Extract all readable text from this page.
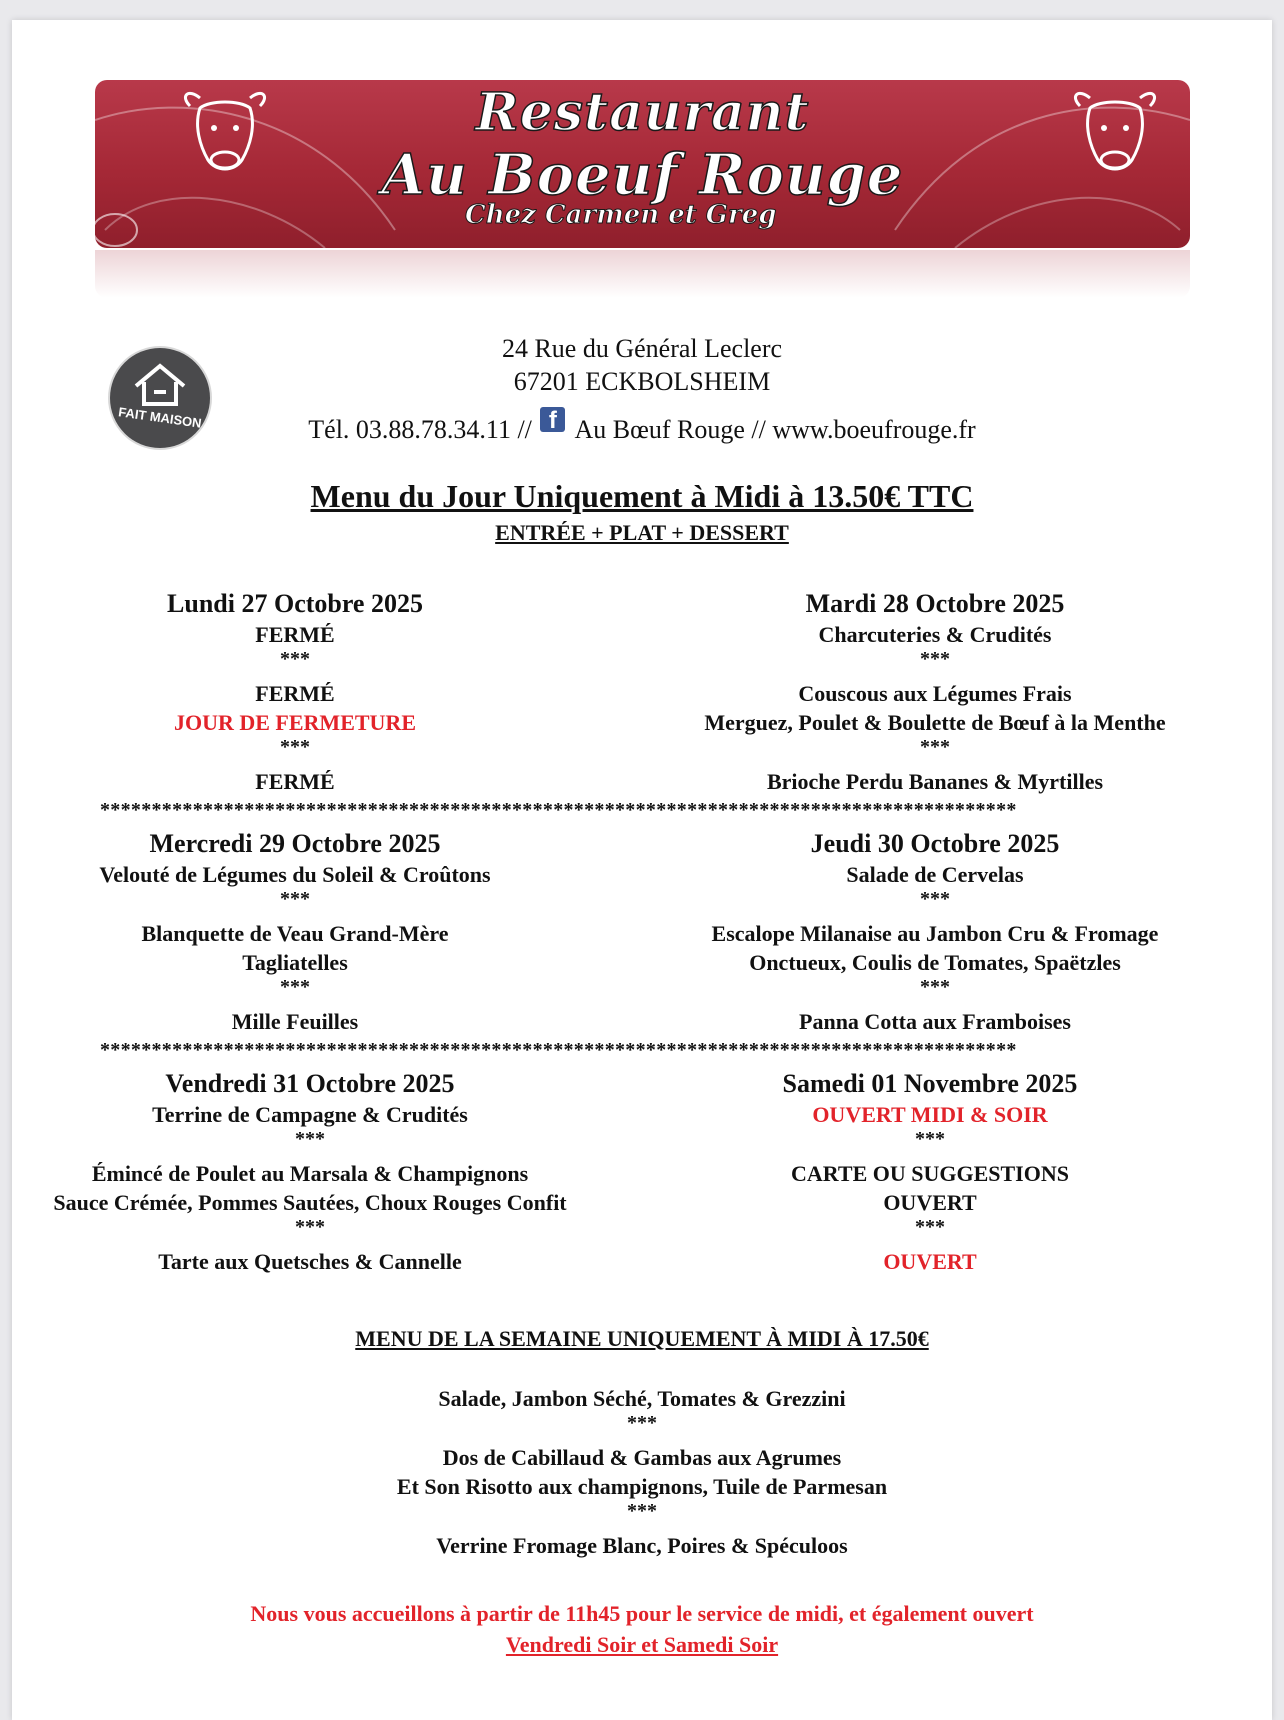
Restaurant
Au Boeuf Rouge
Chez Carmen et Greg
FAIT MAISON
24 Rue du Général Leclerc
67201 ECKBOLSHEIM
Tél. 03.88.78.34.11 // f Au Bœuf Rouge // www.boeufrouge.fr
Menu du Jour Uniquement à Midi à 13.50€ TTC
ENTRÉE + PLAT + DESSERT
Lundi 27 Octobre 2025
FERMÉ
***
FERMÉ
JOUR DE FERMETURE
***
FERMÉ
Mardi 28 Octobre 2025
Charcuteries & Crudités
***
Couscous aux Légumes Frais
Merguez, Poulet & Boulette de Bœuf à la Menthe
***
Brioche Perdu Bananes & Myrtilles
*****************************************************************************************
Mercredi 29 Octobre 2025
Velouté de Légumes du Soleil & Croûtons
***
Blanquette de Veau Grand-Mère
Tagliatelles
***
Mille Feuilles
Jeudi 30 Octobre 2025
Salade de Cervelas
***
Escalope Milanaise au Jambon Cru & Fromage
Onctueux, Coulis de Tomates, Spaëtzles
***
Panna Cotta aux Framboises
*****************************************************************************************
Vendredi 31 Octobre 2025
Terrine de Campagne & Crudités
***
Émincé de Poulet au Marsala & Champignons
Sauce Crémée, Pommes Sautées, Choux Rouges Confit
***
Tarte aux Quetsches & Cannelle
Samedi 01 Novembre 2025
OUVERT MIDI & SOIR
***
CARTE OU SUGGESTIONS
OUVERT
***
OUVERT
MENU DE LA SEMAINE UNIQUEMENT À MIDI À 17.50€
Salade, Jambon Séché, Tomates & Grezzini
***
Dos de Cabillaud & Gambas aux Agrumes
Et Son Risotto aux champignons, Tuile de Parmesan
***
Verrine Fromage Blanc, Poires & Spéculoos
Nous vous accueillons à partir de 11h45 pour le service de midi, et également ouvert
Vendredi Soir et Samedi Soir
